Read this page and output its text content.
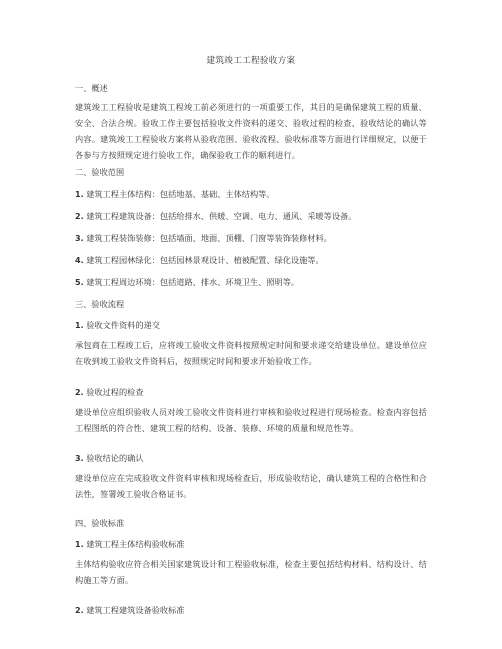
建筑竣工工程验收方案
一、概述
建筑竣工工程验收是建筑工程竣工前必须进行的一项重要工作，其目的是确保建筑工程的质量、安全、合法合规。验收工作主要包括验收文件资料的递交、验收过程的检查、验收结论的确认等内容。建筑竣工工程验收方案将从验收范围、验收流程、验收标准等方面进行详细规定，以便于各参与方按照规定进行验收工作，确保验收工作的顺利进行。
二、验收范围
1. 建筑工程主体结构：包括地基、基础、主体结构等。
2. 建筑工程建筑设备：包括给排水、供暖、空调、电力、通风、采暖等设备。
3. 建筑工程装饰装修：包括墙面、地面、顶棚、门窗等装饰装修材料。
4. 建筑工程园林绿化：包括园林景观设计、植被配置、绿化设施等。
5. 建筑工程周边环境：包括道路、排水、环境卫生、照明等。
三、验收流程
1. 验收文件资料的递交
承包商在工程竣工后，应将竣工验收文件资料按照规定时间和要求递交给建设单位。建设单位应在收到竣工验收文件资料后，按照规定时间和要求开始验收工作。
2. 验收过程的检查
建设单位应组织验收人员对竣工验收文件资料进行审核和验收过程进行现场检查。检查内容包括工程图纸的符合性、建筑工程的结构、设备、装修、环境的质量和规范性等。
3. 验收结论的确认
建设单位应在完成验收文件资料审核和现场检查后，形成验收结论，确认建筑工程的合格性和合法性，签署竣工验收合格证书。
四、验收标准
1. 建筑工程主体结构验收标准
主体结构验收应符合相关国家建筑设计和工程验收标准，检查主要包括结构材料、结构设计、结构施工等方面。
2. 建筑工程建筑设备验收标准
